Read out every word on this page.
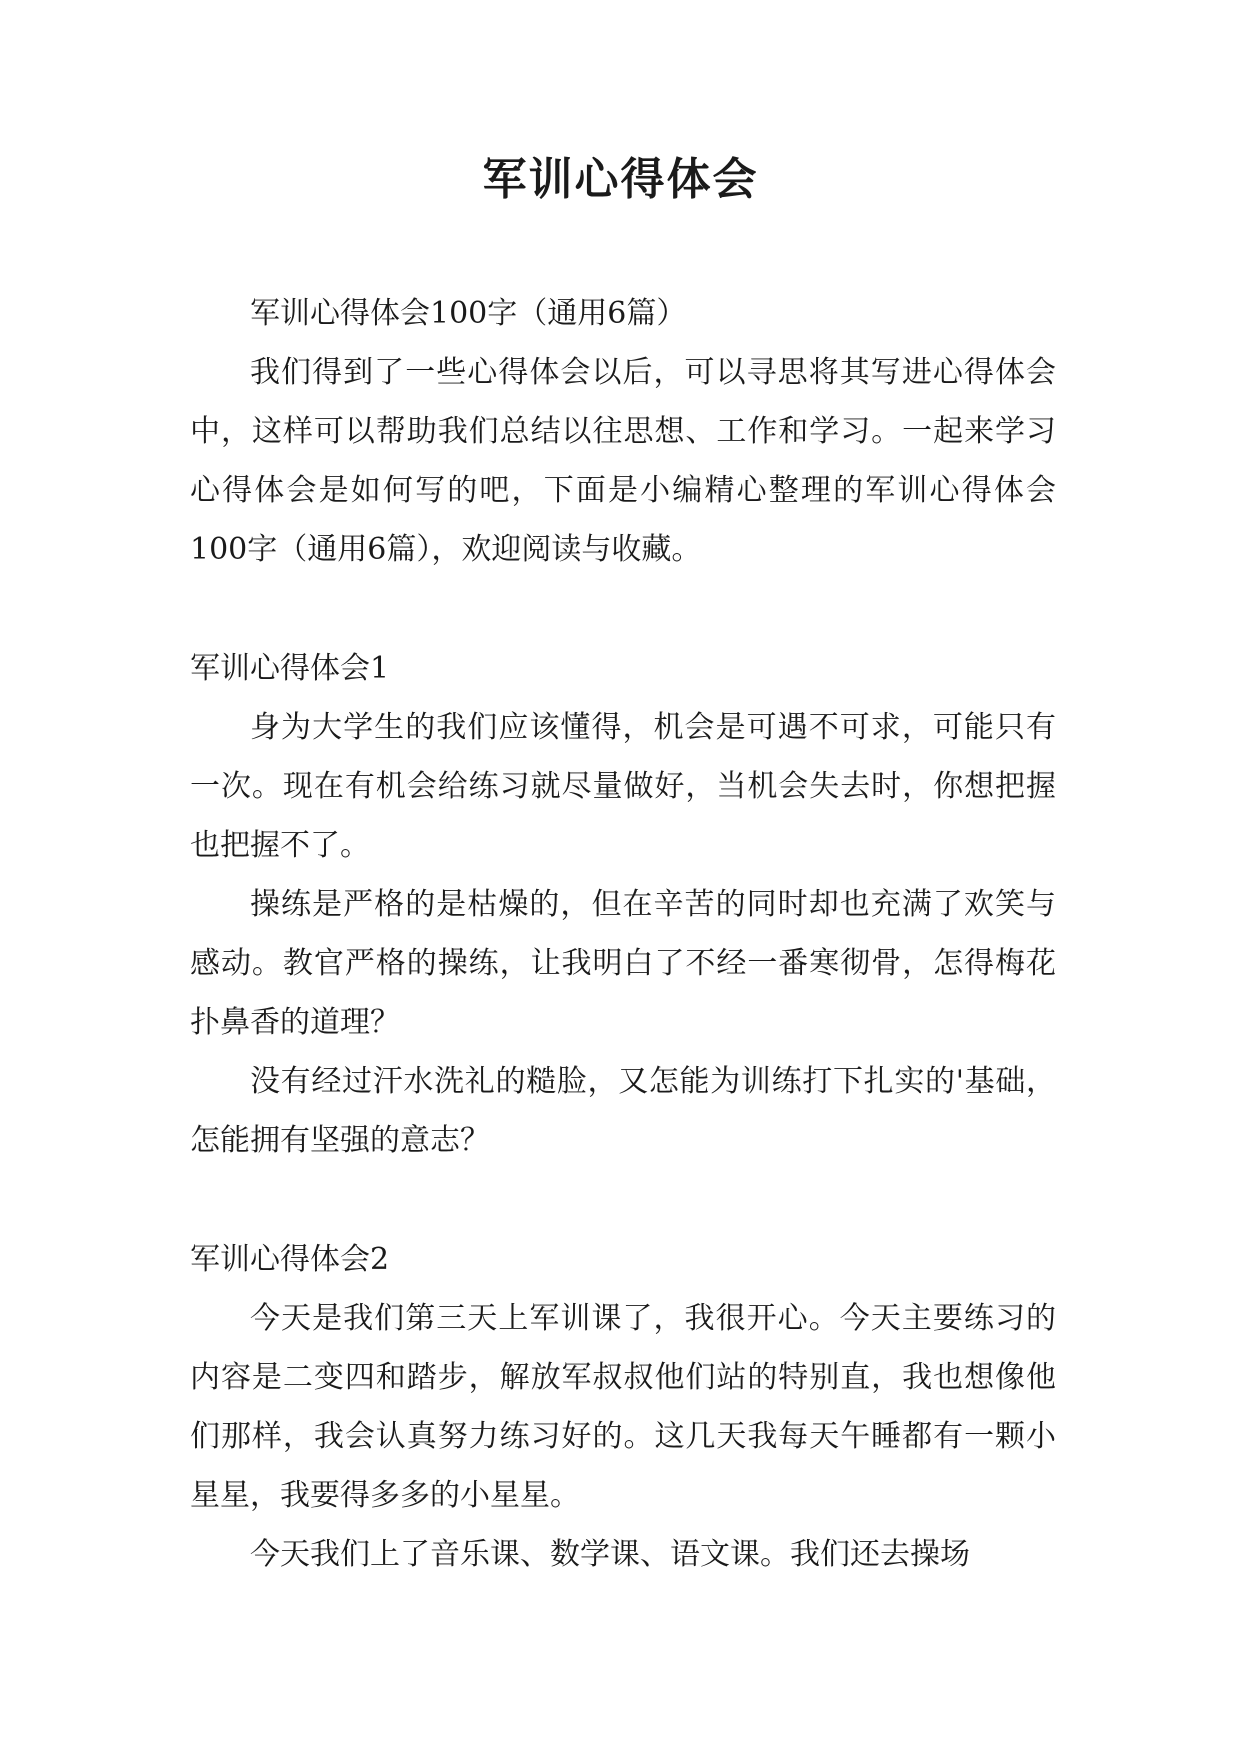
军训心得体会

军训心得体会100字（通用6篇）

我们得到了一些心得体会以后，可以寻思将其写进心得体会中，这样可以帮助我们总结以往思想、工作和学习。一起来学习心得体会是如何写的吧，下面是小编精心整理的军训心得体会100字（通用6篇），欢迎阅读与收藏。

军训心得体会1

身为大学生的我们应该懂得，机会是可遇不可求，可能只有一次。现在有机会给练习就尽量做好，当机会失去时，你想把握也把握不了。

操练是严格的是枯燥的，但在辛苦的同时却也充满了欢笑与感动。教官严格的操练，让我明白了不经一番寒彻骨，怎得梅花扑鼻香的道理？

没有经过汗水洗礼的糙脸，又怎能为训练打下扎实的'基础，怎能拥有坚强的意志？

军训心得体会2

今天是我们第三天上军训课了，我很开心。今天主要练习的内容是二变四和踏步，解放军叔叔他们站的特别直，我也想像他们那样，我会认真努力练习好的。这几天我每天午睡都有一颗小星星，我要得多多的小星星。

今天我们上了音乐课、数学课、语文课。我们还去操场
